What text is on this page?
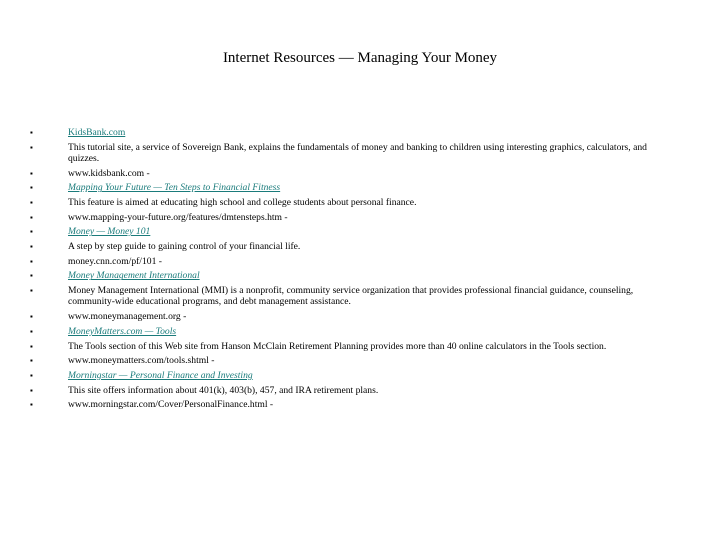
Internet Resources — Managing Your Money
▪	KidsBank.com
▪	This tutorial site, a service of Sovereign Bank, explains the fundamentals of money and banking to children using interesting graphics, calculators, and quizzes.
▪	www.kidsbank.com -
▪	Mapping Your Future — Ten Steps to Financial Fitness
▪	This feature is aimed at educating high school and college students about personal finance.
▪	www.mapping-your-future.org/features/dmtensteps.htm -
▪	Money — Money 101
▪	A step by step guide to gaining control of your financial life.
▪	money.cnn.com/pf/101 -
▪	Money Management International
▪	Money Management International (MMI) is a nonprofit, community service organization that provides professional financial guidance, counseling, community-wide educational programs, and debt management assistance.
▪	www.moneymanagement.org -
▪	MoneyMatters.com — Tools
▪	The Tools section of this Web site from Hanson McClain Retirement Planning provides more than 40 online calculators in the Tools section.
▪	www.moneymatters.com/tools.shtml -
▪	Morningstar — Personal Finance and Investing
▪	This site offers information about 401(k), 403(b), 457, and IRA retirement plans.
▪	www.morningstar.com/Cover/PersonalFinance.html -
